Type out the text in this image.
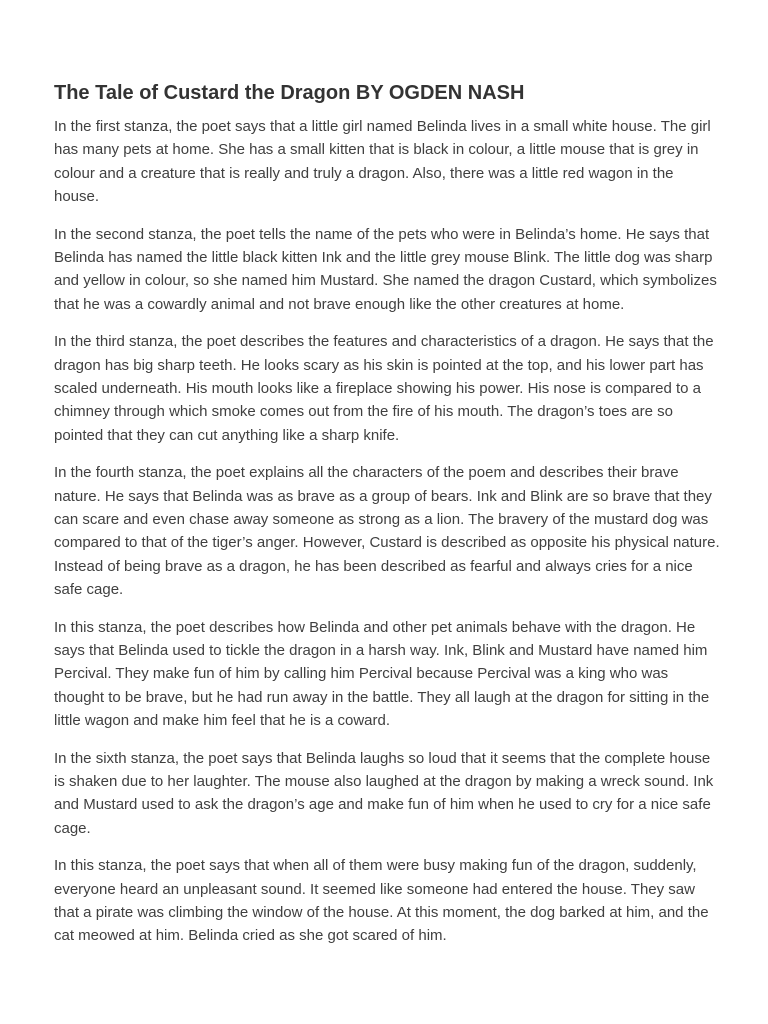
The Tale of Custard the Dragon BY OGDEN NASH

In the first stanza, the poet says that a little girl named Belinda lives in a small white house. The girl has many pets at home. She has a small kitten that is black in colour, a little mouse that is grey in colour and a creature that is really and truly a dragon. Also, there was a little red wagon in the house.

In the second stanza, the poet tells the name of the pets who were in Belinda’s home. He says that Belinda has named the little black kitten Ink and the little grey mouse Blink. The little dog was sharp and yellow in colour, so she named him Mustard. She named the dragon Custard, which symbolizes that he was a cowardly animal and not brave enough like the other creatures at home.

In the third stanza, the poet describes the features and characteristics of a dragon. He says that the dragon has big sharp teeth. He looks scary as his skin is pointed at the top, and his lower part has scaled underneath. His mouth looks like a fireplace showing his power. His nose is compared to a chimney through which smoke comes out from the fire of his mouth. The dragon’s toes are so pointed that they can cut anything like a sharp knife.

In the fourth stanza, the poet explains all the characters of the poem and describes their brave nature. He says that Belinda was as brave as a group of bears. Ink and Blink are so brave that they can scare and even chase away someone as strong as a lion. The bravery of the mustard dog was compared to that of the tiger’s anger. However, Custard is described as opposite his physical nature. Instead of being brave as a dragon, he has been described as fearful and always cries for a nice safe cage.

In this stanza, the poet describes how Belinda and other pet animals behave with the dragon. He says that Belinda used to tickle the dragon in a harsh way. Ink, Blink and Mustard have named him Percival. They make fun of him by calling him Percival because Percival was a king who was thought to be brave, but he had run away in the battle. They all laugh at the dragon for sitting in the little wagon and make him feel that he is a coward.

In the sixth stanza, the poet says that Belinda laughs so loud that it seems that the complete house is shaken due to her laughter. The mouse also laughed at the dragon by making a wreck sound. Ink and Mustard used to ask the dragon’s age and make fun of him when he used to cry for a nice safe cage.

In this stanza, the poet says that when all of them were busy making fun of the dragon, suddenly, everyone heard an unpleasant sound. It seemed like someone had entered the house. They saw that a pirate was climbing the window of the house. At this moment, the dog barked at him, and the cat meowed at him. Belinda cried as she got scared of him.
